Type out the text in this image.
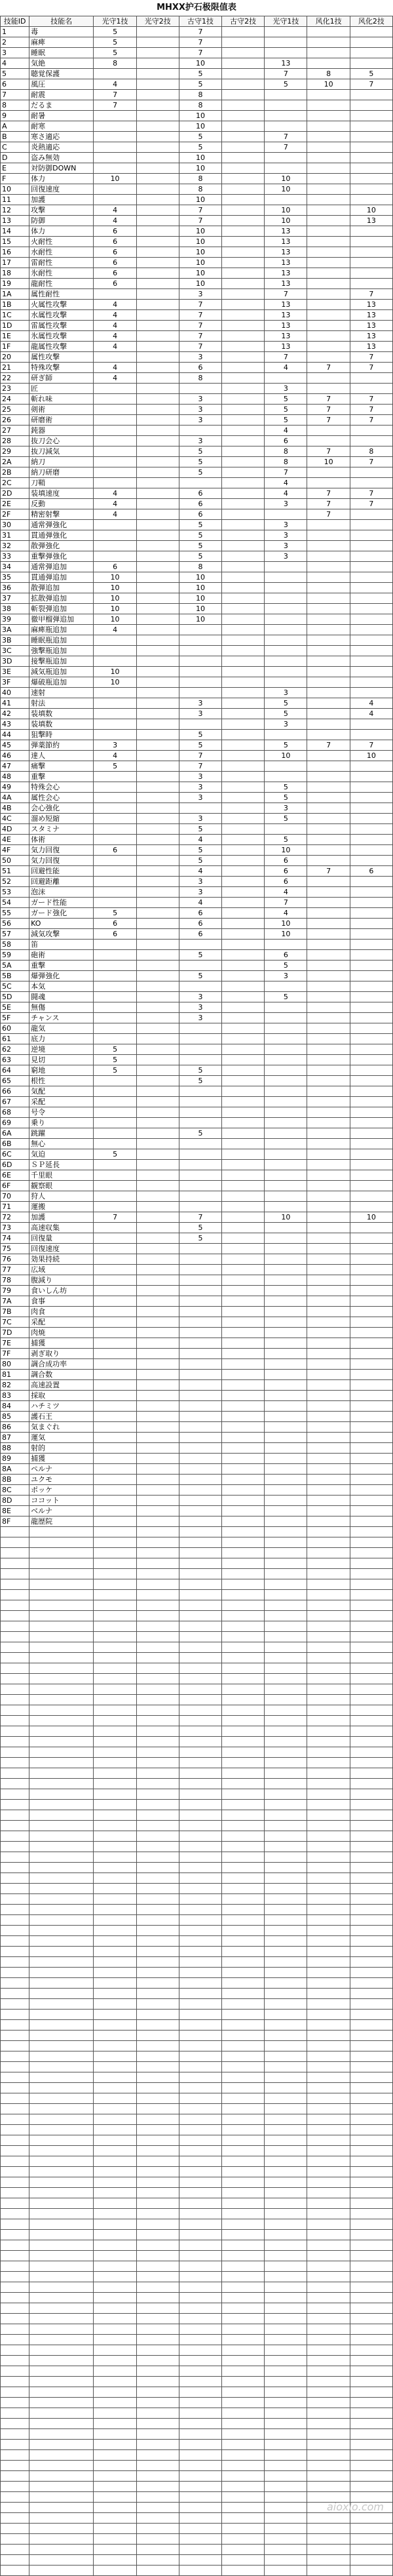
MHXX护石极限值表
技能ID	技能名	光守1技	光守2技	古守1技	古守2技	光守1技	风化1技	风化2技
1	毒	5		7				
2	麻痺	5		7				
3	睡眠	5		7				
4	気絶	8		10		13		
5	聴覚保護			5		7	8	5
6	風圧	4		5		5	10	7
7	耐震	7		8				
8	だるま	7		8				
9	耐暑			10				
A	耐寒			10				
B	寒さ適応			5		7		
C	炎熱適応			5		7		
D	盗み無効			10				
E	対防御DOWN			10				
F	体力	10		8		10		
10	回復速度			8		10		
11	加護			10				
12	攻撃	4		7		10		10
13	防御	4		7		10		13
14	体力	6		10		13		
15	火耐性	6		10		13		
16	水耐性	6		10		13		
17	雷耐性	6		10		13		
18	氷耐性	6		10		13		
19	龍耐性	6		10		13		
1A	属性耐性			3		7		7
1B	火属性攻撃	4		7		13		13
1C	水属性攻撃	4		7		13		13
1D	雷属性攻撃	4		7		13		13
1E	氷属性攻撃	4		7		13		13
1F	龍属性攻撃	4		7		13		13
20	属性攻撃			3		7		7
21	特殊攻撃	4		6		4	7	7
22	研ぎ師	4		8				
23	匠					3		
24	斬れ味			3		5	7	7
25	剣術			3		5	7	7
26	研磨術			3		5	7	7
27	鈍器					4		
28	抜刀会心			3		6		
29	抜刀減気			5		8	7	8
2A	納刀			5		8	10	7
2B	納刀研磨			5		7		
2C	刀鞘					4		
2D	装填速度	4		6		4	7	7
2E	反動	4		6		3	7	7
2F	精密射撃	4		6			7	
30	通常弾強化			5		3		
31	貫通弾強化			5		3		
32	散弾強化			5		3		
33	重撃弾強化			5		3		
34	通常弾追加	6		8				
35	貫通弾追加	10		10				
36	散弾追加	10		10				
37	拡散弾追加	10		10				
38	斬裂弾追加	10		10				
39	徹甲榴弾追加	10		10				
3A	麻痺瓶追加	4						
3B	睡眠瓶追加							
3C	強撃瓶追加							
3D	接撃瓶追加							
3E	減気瓶追加	10						
3F	爆破瓶追加	10						
40	速射					3		
41	射法			3		5		4
42	装填数			3		5		4
43	装填数					3		
44	狙撃時			5				
45	弾薬節約	3		5		5	7	7
46	達人	4		7		10		10
47	痛撃	5		7				
48	重撃			3				
49	特殊会心			3		5		
4A	属性会心			3		5		
4B	会心強化					3		
4C	溜め短縮			3		5		
4D	スタミナ			5				
4E	体術			4		5		
4F	気力回復	6		5		10		
50	気力回復			5		6		
51	回避性能			4		6	7	6
52	回避距離			3		6		
53	泡沫			3		4		
54	ガード性能			4		7		
55	ガード強化	5		6		4		
56	KO	6		6		10		
57	減気攻撃	6		6		10		
58	笛							
59	砲術			5		6		
5A	重撃					5		
5B	爆弾強化			5		3		
5C	本気							
5D	闘魂			3		5		
5E	無傷			3				
5F	チャンス			3				
60	龍気							
61	底力							
62	逆境	5						
63	見切	5						
64	窮地	5		5				
65	根性			5				
66	気配							
67	采配							
68	号令							
69	乗り							
6A	跳躍			5				
6B	無心							
6C	気迫	5						
6D	ＳＰ延長							
6E	千里眼							
6F	観察眼							
70	狩人							
71	運搬							
72	加護	7		7		10		10
73	高速収集			5				
74	回復量			5				
75	回復速度							
76	効果持続							
77	広域							
78	腹減り							
79	食いしん坊							
7A	食事							
7B	肉食							
7C	采配							
7D	肉焼							
7E	捕獲							
7F	剥ぎ取り							
80	調合成功率							
81	調合数							
82	高速設置							
83	採取							
84	ハチミツ							
85	護石王							
86	気まぐれ							
87	運気							
88	射的							
89	捕獲							
8A	ペルナ							
8B	ユクモ							
8C	ポッケ							
8D	ココット							
8E	ベルナ							
8F	龍歴院							

aioxlo.com
